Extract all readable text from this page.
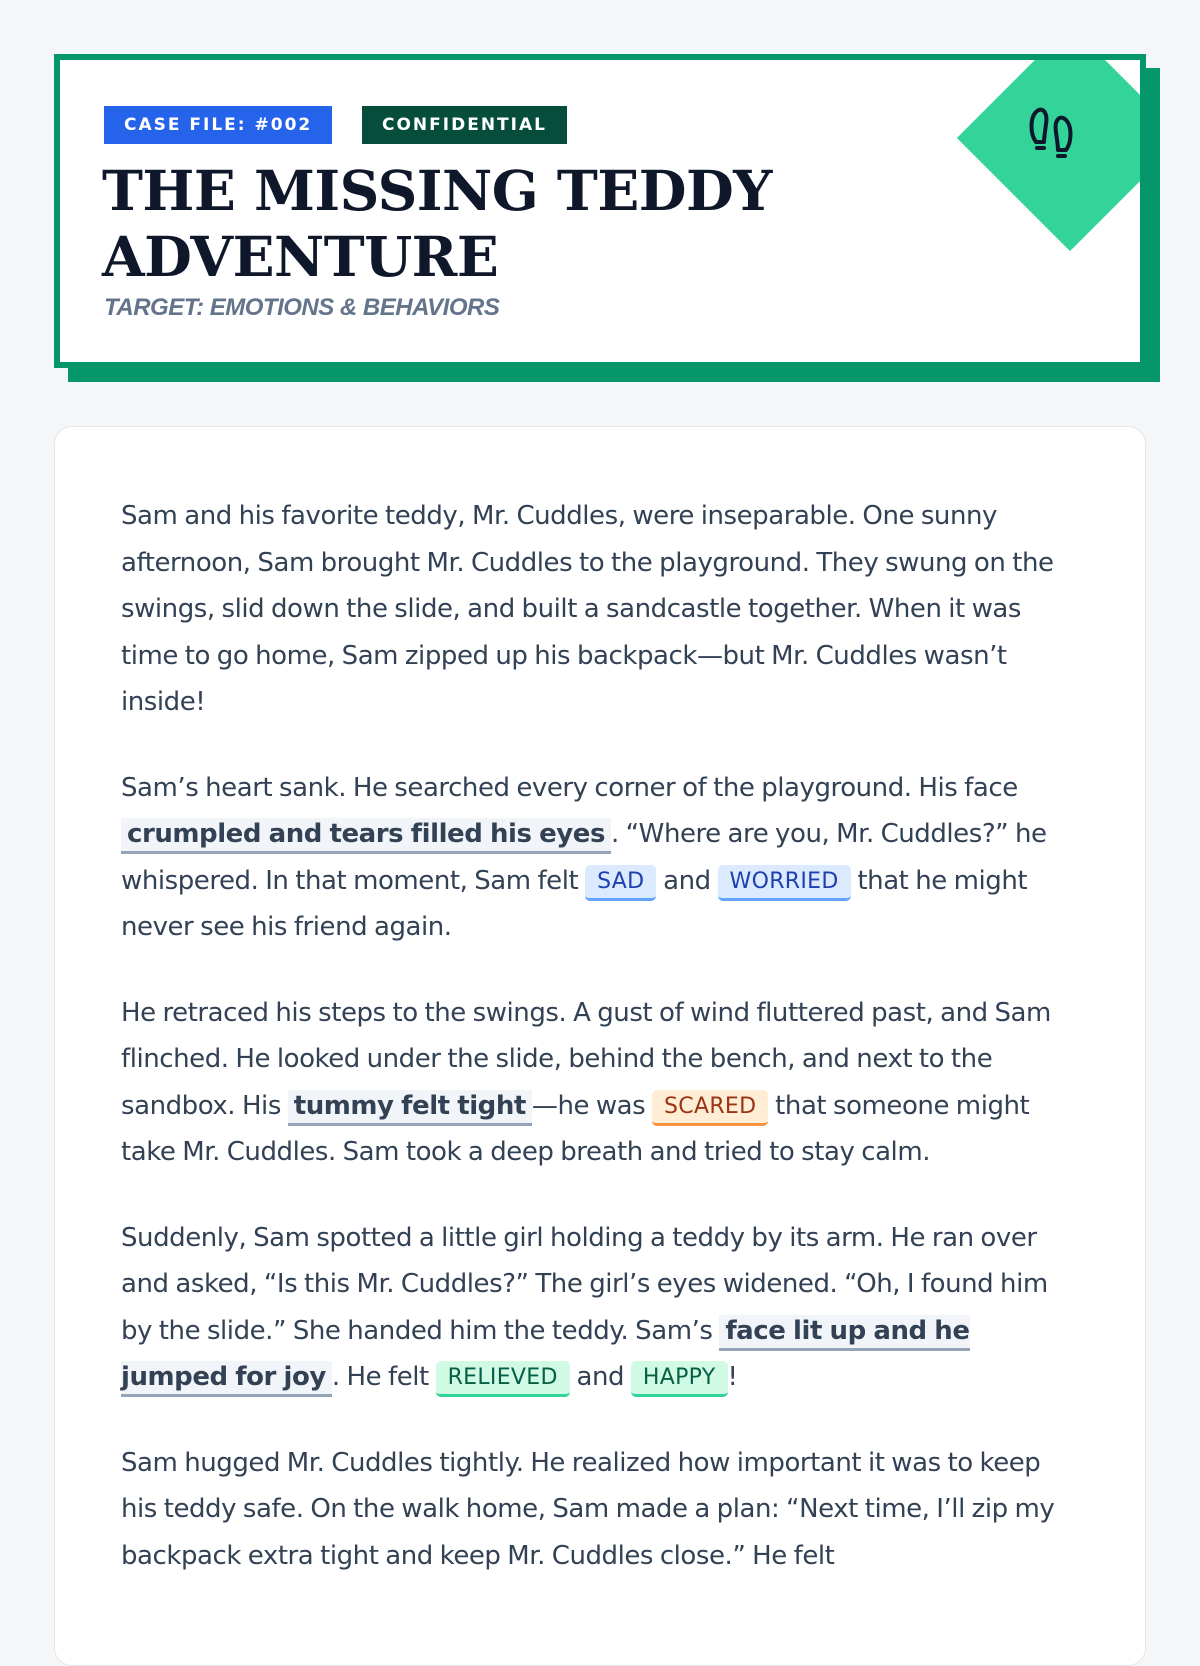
CASE FILE: #002	CONFIDENTIAL
THE MISSING TEDDY ADVENTURE
TARGET: EMOTIONS & BEHAVIORS

Sam and his favorite teddy, Mr. Cuddles, were inseparable. One sunny afternoon, Sam brought Mr. Cuddles to the playground. They swung on the swings, slid down the slide, and built a sandcastle together. When it was time to go home, Sam zipped up his backpack—but Mr. Cuddles wasn’t inside!

Sam’s heart sank. He searched every corner of the playground. His face crumpled and tears filled his eyes . “Where are you, Mr. Cuddles?” he whispered. In that moment, Sam felt SAD and WORRIED that he might never see his friend again.

He retraced his steps to the swings. A gust of wind fluttered past, and Sam flinched. He looked under the slide, behind the bench, and next to the sandbox. His tummy felt tight —he was SCARED that someone might take Mr. Cuddles. Sam took a deep breath and tried to stay calm.

Suddenly, Sam spotted a little girl holding a teddy by its arm. He ran over and asked, “Is this Mr. Cuddles?” The girl’s eyes widened. “Oh, I found him by the slide.” She handed him the teddy. Sam’s face lit up and he jumped for joy . He felt RELIEVED and HAPPY !

Sam hugged Mr. Cuddles tightly. He realized how important it was to keep his teddy safe. On the walk home, Sam made a plan: “Next time, I’ll zip my backpack extra tight and keep Mr. Cuddles close.” He felt
